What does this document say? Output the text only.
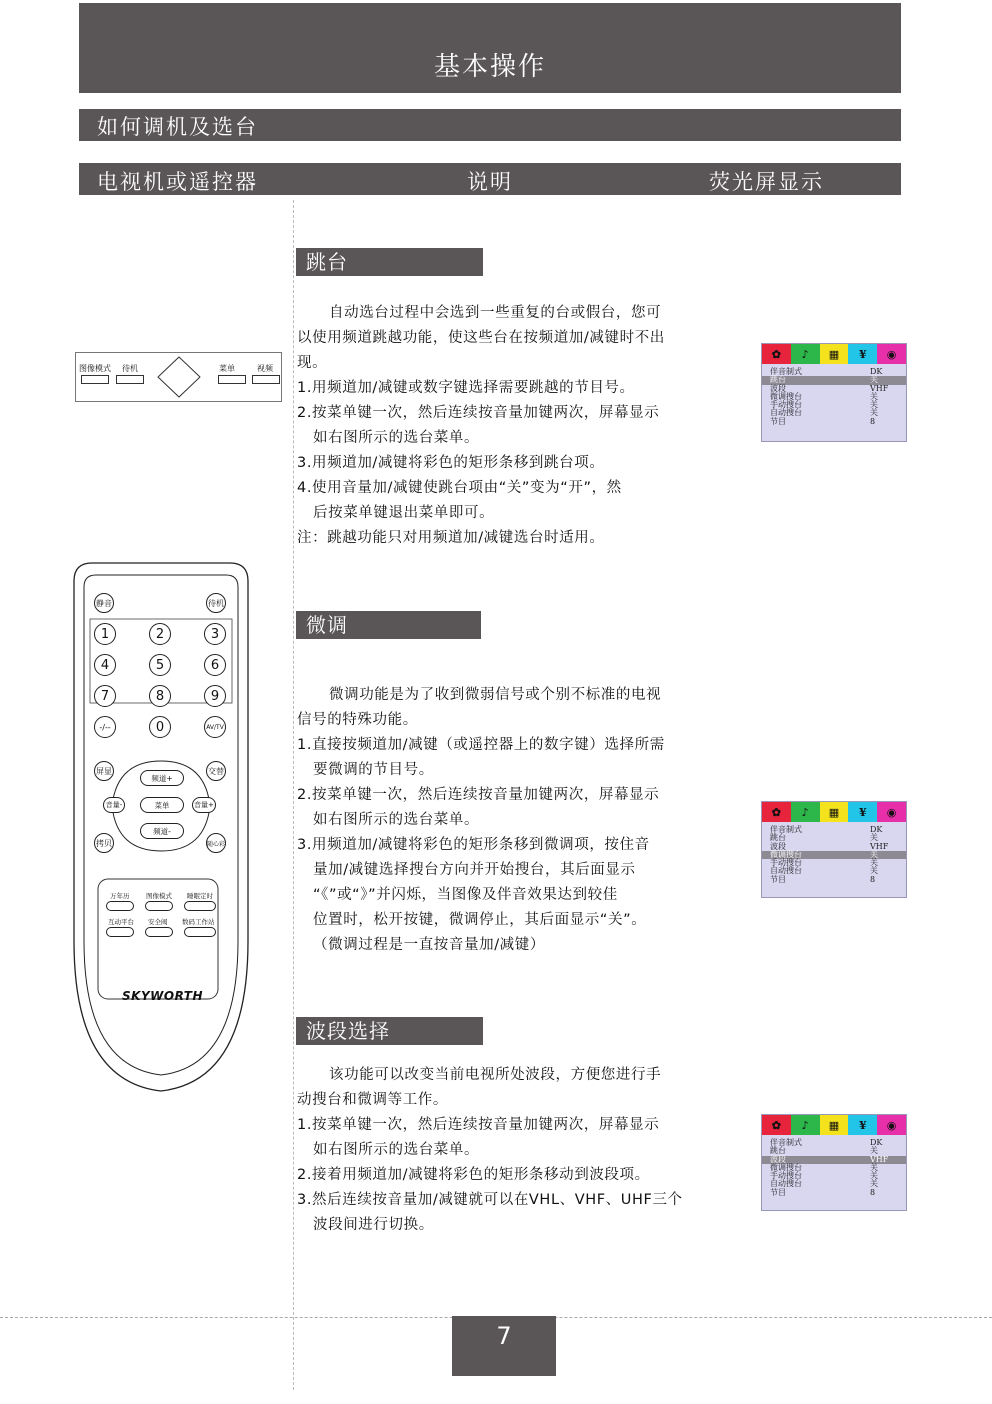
基本操作
如何调机及选台
电视机或遥控器	说明	荧光屏显示
跳台

自动选台过程中会选到一些重复的台或假台，您可

以使用频道跳越功能，使这些台在按频道加/减键时不出

现。

1.用频道加/减键或数字键选择需要跳越的节目号。

2.按菜单键一次，然后连续按音量加键两次，屏幕显示

如右图所示的选台菜单。

3.用频道加/减键将彩色的矩形条移到跳台项。

4.使用音量加/减键使跳台项由“关”变为“开”，然

后按菜单键退出菜单即可。

注：跳越功能只对用频道加/减键选台时适用。

微调

微调功能是为了收到微弱信号或个别不标准的电视

信号的特殊功能。

1.直接按频道加/减键（或遥控器上的数字键）选择所需

要微调的节目号。

2.按菜单键一次，然后连续按音量加键两次，屏幕显示

如右图所示的选台菜单。

3.用频道加/减键将彩色的矩形条移到微调项，按住音

量加/减键选择搜台方向并开始搜台，其后面显示

“《”或“》”并闪烁，当图像及伴音效果达到较佳

位置时，松开按键，微调停止，其后面显示“关”。

（微调过程是一直按音量加/减键）

波段选择

该功能可以改变当前电视所处波段，方便您进行手

动搜台和微调等工作。

1.按菜单键一次，然后连续按音量加键两次，屏幕显示

如右图所示的选台菜单。

2.接着用频道加/减键将彩色的矩形条移动到波段项。

3.然后连续按音量加/减键就可以在VHL、VHF、UHF三个

波段间进行切换。

✿	♪	▦	¥	◉
伴音制式	DK
跳台	关
波段	VHF
微调搜台	关
手动搜台	关
自动搜台	关
节目	8
✿	♪	▦	¥	◉
伴音制式	DK
跳台	关
波段	VHF
微调搜台	关
手动搜台	关
自动搜台	关
节目	8
✿	♪	▦	¥	◉
伴音制式	DK
跳台	关
波段	VHF
微调搜台	关
手动搜台	关
自动搜台	关
节目	8
图像模式 待机	菜单	视频
静音	待机
1	2	3
4	5	6
7	8	9
-/--	0	AV/TV
屏显	交替
频道+
音量-	菜单	音量+
频道-
拷贝	随心彩
万年历	图像模式 睡眠定时
互动平台 安全阀 数码工作站
SKYWORTH
7
